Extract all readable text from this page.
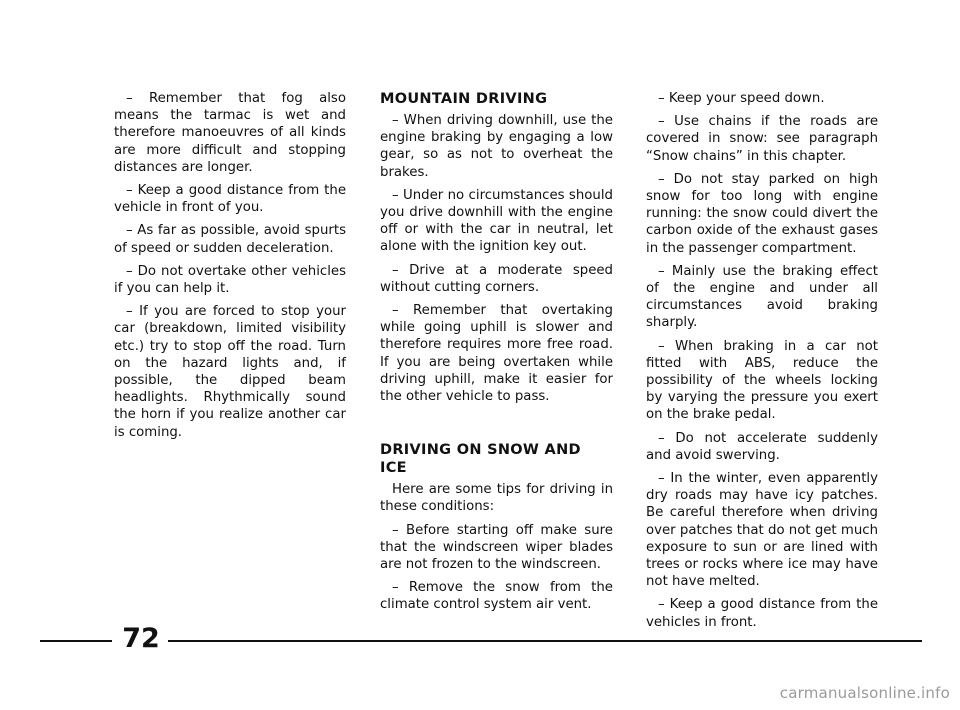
– Remember that fog also means the tarmac is wet and therefore manoeuvres of all kinds are more difficult and stopping distances are longer.

– Keep a good distance from the vehicle in front of you.

– As far as possible, avoid spurts of speed or sudden deceleration.

– Do not overtake other vehicles if you can help it.

– If you are forced to stop your car (breakdown, limited visibility etc.) try to stop off the road. Turn on the hazard lights and, if possible, the dipped beam headlights. Rhythmically sound the horn if you realize another car is coming.

MOUNTAIN DRIVING

– When driving downhill, use the engine braking by engaging a low gear, so as not to overheat the brakes.

– Under no circumstances should you drive downhill with the engine off or with the car in neutral, let alone with the ignition key out.

– Drive at a moderate speed without cutting corners.

– Remember that overtaking while going uphill is slower and therefore requires more free road. If you are being overtaken while driving uphill, make it easier for the other vehicle to pass.

DRIVING ON SNOW AND ICE

Here are some tips for driving in these conditions:

– Before starting off make sure that the windscreen wiper blades are not frozen to the windscreen.

– Remove the snow from the climate control system air vent.

– Keep your speed down.

– Use chains if the roads are covered in snow: see paragraph “Snow chains” in this chapter.

– Do not stay parked on high snow for too long with engine running: the snow could divert the carbon oxide of the exhaust gases in the passenger compartment.

– Mainly use the braking effect of the engine and under all circumstances avoid braking sharply.

– When braking in a car not fitted with ABS, reduce the possibility of the wheels locking by varying the pressure you exert on the brake pedal.

– Do not accelerate suddenly and avoid swerving.

– In the winter, even apparently dry roads may have icy patches. Be careful therefore when driving over patches that do not get much exposure to sun or are lined with trees or rocks where ice may have not have melted.

– Keep a good distance from the vehicles in front.

72
carmanualsonline.info
